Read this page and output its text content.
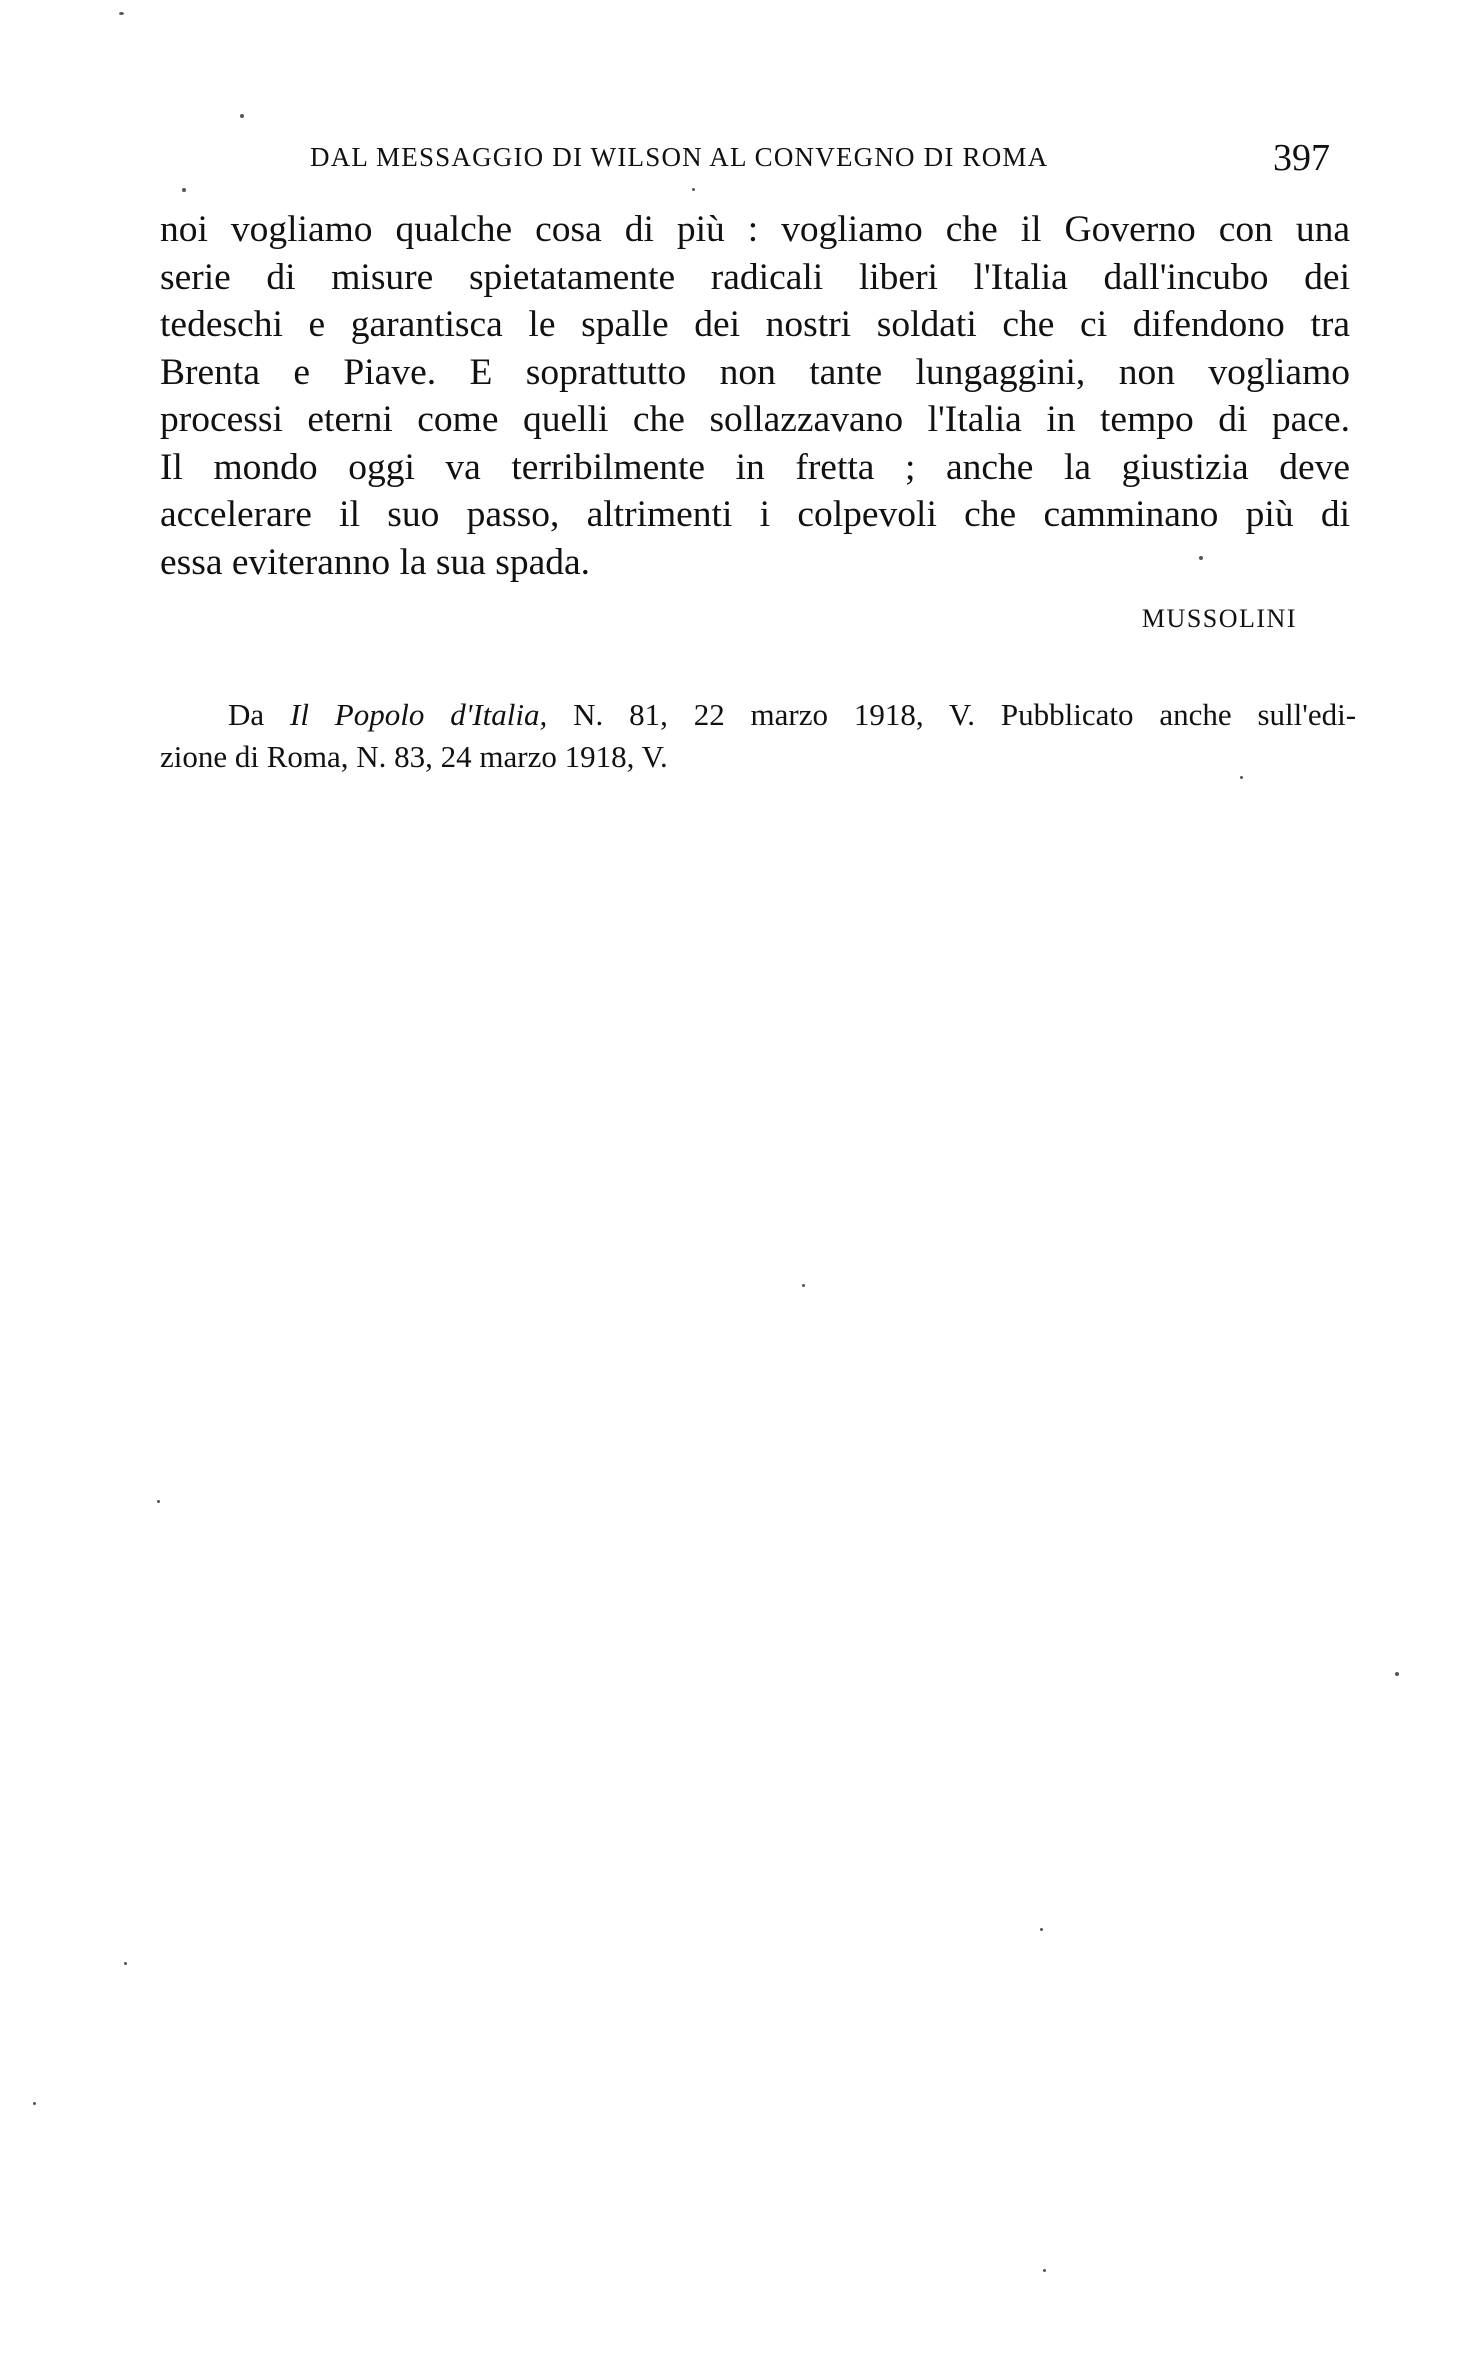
DAL MESSAGGIO DI WILSON AL CONVEGNO DI ROMA	397
noi vogliamo qualche cosa di più : vogliamo che il Governo con una
serie di misure spietatamente radicali liberi l'Italia dall'incubo dei
tedeschi e garantisca le spalle dei nostri soldati che ci difendono tra
Brenta e Piave. E soprattutto non tante lungaggini, non vogliamo
processi eterni come quelli che sollazzavano l'Italia in tempo di pace.
Il mondo oggi va terribilmente in fretta ; anche la giustizia deve
accelerare il suo passo, altrimenti i colpevoli che camminano più di
essa eviteranno la sua spada.
MUSSOLINI
Da Il Popolo d'Italia, N. 81, 22 marzo 1918, V. Pubblicato anche sull'edi-
zione di Roma, N. 83, 24 marzo 1918, V.
